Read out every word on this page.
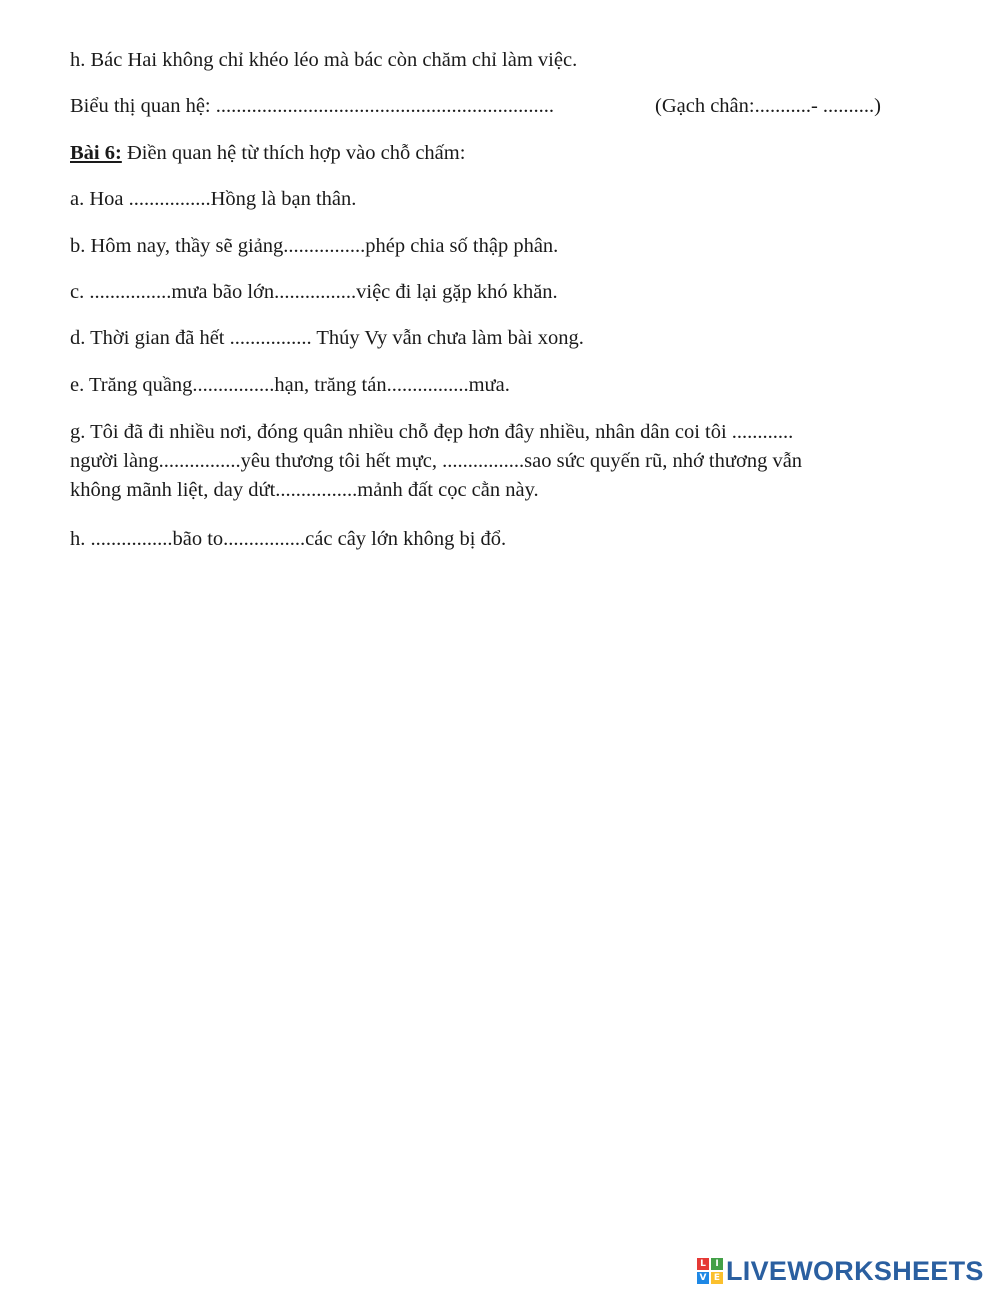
h. Bác Hai không chỉ khéo léo mà bác còn chăm chỉ làm việc.
Biểu thị quan hệ: ..................................................................	(Gạch chân:...........- ..........)
Bài 6: Điền quan hệ từ thích hợp vào chỗ chấm:
a. Hoa ................Hồng là bạn thân.
b. Hôm nay, thầy sẽ giảng................phép chia số thập phân.
c. ................mưa bão lớn................việc đi lại gặp khó khăn.
d. Thời gian đã hết ................ Thúy Vy vẫn chưa làm bài xong.
e. Trăng quầng................hạn, trăng tán................mưa.
g. Tôi đã đi nhiều nơi, đóng quân nhiều chỗ đẹp hơn đây nhiều, nhân dân coi tôi ............
người làng................yêu thương tôi hết mực, ................sao sức quyến rũ, nhớ thương vẫn
không mãnh liệt, day dứt................mảnh đất cọc cằn này.
h. ................bão to................các cây lớn không bị đổ.
L	I
V E LIVEWORKSHEETS
